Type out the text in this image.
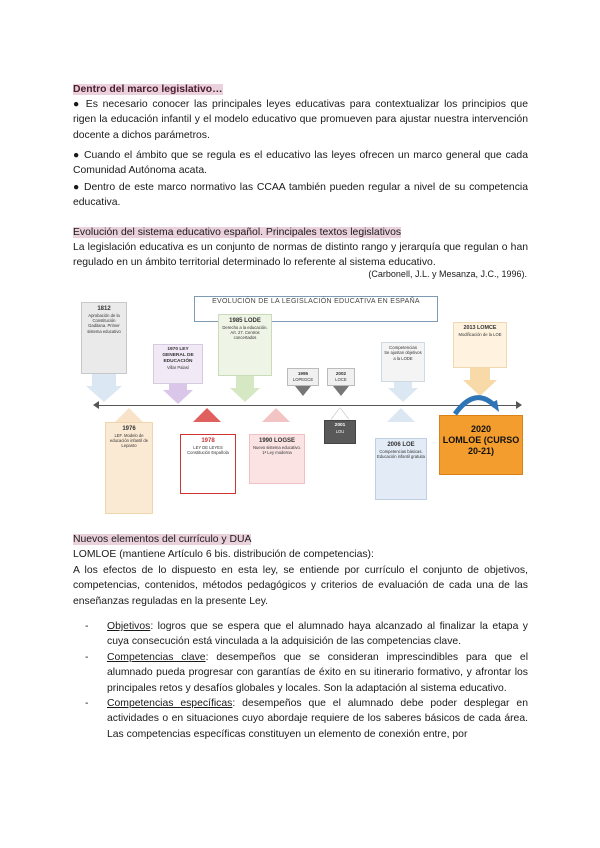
Dentro del marco legislativo…

● Es necesario conocer las principales leyes educativas para contextualizar los principios que rigen la educación infantil y el modelo educativo que promueven para ajustar nuestra intervención docente a dichos parámetros.

● Cuando el ámbito que se regula es el educativo las leyes ofrecen un marco general que cada Comunidad Autónoma acata.

● Dentro de este marco normativo las CCAA también pueden regular a nivel de su competencia educativa.

Evolución del sistema educativo español. Principales textos legislativos

La legislación educativa es un conjunto de normas de distinto rango y jerarquía que regulan o han regulado en un ámbito territorial determinado lo referente al sistema educativo.

(Carbonell, J.L. y Mesanza, J.C., 1996).
EVOLUCIÓN DE LA LEGISLACIÓN EDUCATIVA EN ESPAÑA
1812
Aprobación de la Constitución Gaditana. Primer sistema educativo
1970 LEY GENERAL DE EDUCACIÓN
Villar Palasí
1985 LODE
Derecho a la educación. Art. 27. Centros concertados
1995
LOPEGCE
2002
LOCE
Competencias
Se ajustan objetivos a la LODE
2013 LOMCE
Modificación de la LOE
1976
LEF. Modelo de educación infantil de Lepanto
1978
LEY DE LEYES Constitución Española
1990 LOGSE
Nuevo sistema educativo. 1ª Ley moderna
2001
LOU
2006 LOE
Competencias básicas. Educación infantil gratuita
2020
LOMLOE (CURSO 20-21)

Nuevos elementos del currículo y DUA

LOMLOE (mantiene Artículo 6 bis. distribución de competencias):

A los efectos de lo dispuesto en esta ley, se entiende por currículo el conjunto de objetivos, competencias, contenidos, métodos pedagógicos y criterios de evaluación de cada una de las enseñanzas reguladas en la presente Ley.

- Objetivos: logros que se espera que el alumnado haya alcanzado al finalizar la etapa y cuya consecución está vinculada a la adquisición de las competencias clave.
- Competencias clave: desempeños que se consideran imprescindibles para que el alumnado pueda progresar con garantías de éxito en su itinerario formativo, y afrontar los principales retos y desafíos globales y locales. Son la adaptación al sistema educativo.
- Competencias específicas: desempeños que el alumnado debe poder desplegar en actividades o en situaciones cuyo abordaje requiere de los saberes básicos de cada área. Las competencias específicas constituyen un elemento de conexión entre, por
